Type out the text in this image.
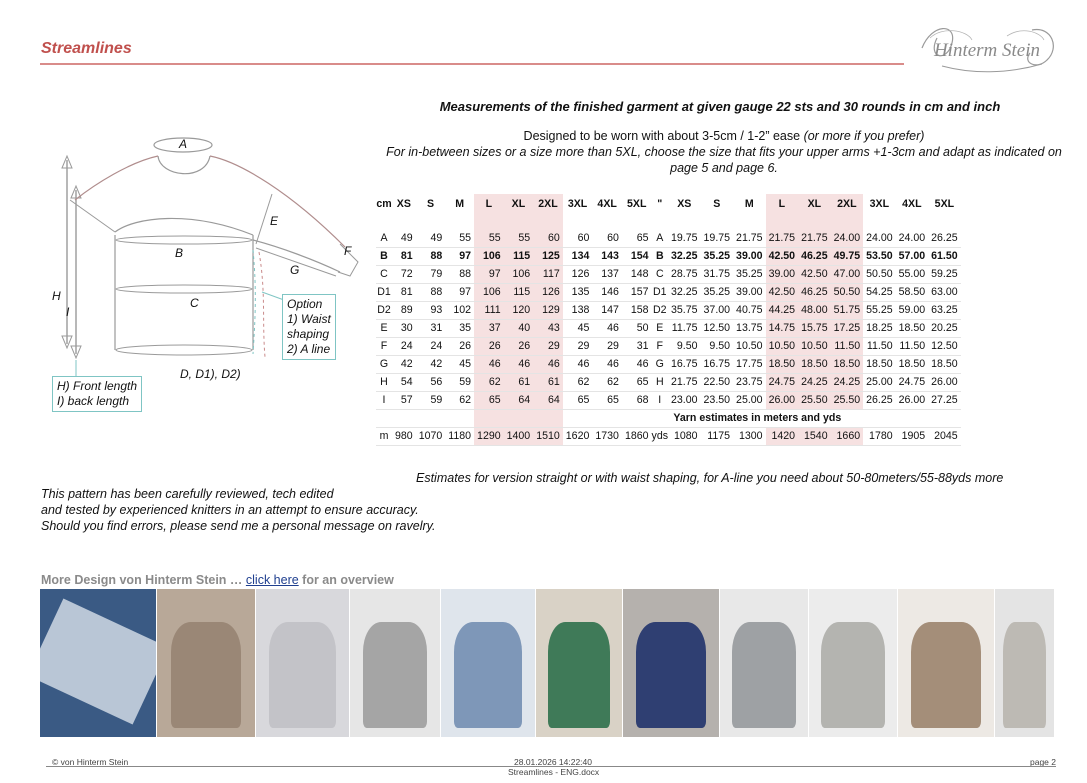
Streamlines	Hinterm Stein
Measurements of the finished garment at given gauge 22 sts and 30 rounds in cm and inch
Designed to be worn with about 3-5cm / 1-2” ease (or more if you prefer)
For in-between sizes or a size more than 5XL, choose the size that fits your upper arms +1-3cm and adapt as indicated on
page 5 and page 6.
A
B
C
E
F
G
H
I
D, D1), D2)
Option
1) Waist
shaping
2) A line
H) Front length
I) back length
cm	XS	S	M	L	XL	2XL	3XL	4XL	5XL	"	XS	S	M	L	XL	2XL	3XL	4XL	5XL

A	49	49	55	55	55	60	60	60	65	A	19.75	19.75	21.75	21.75	21.75	24.00	24.00	24.00	26.25
B	81	88	97	106	115	125	134	143	154	B	32.25	35.25	39.00	42.50	46.25	49.75	53.50	57.00	61.50
C	72	79	88	97	106	117	126	137	148	C	28.75	31.75	35.25	39.00	42.50	47.00	50.50	55.00	59.25
D1	81	88	97	106	115	126	135	146	157	D1	32.25	35.25	39.00	42.50	46.25	50.50	54.25	58.50	63.00
D2	89	93	102	111	120	129	138	147	158	D2	35.75	37.00	40.75	44.25	48.00	51.75	55.25	59.00	63.25
E	30	31	35	37	40	43	45	46	50	E	11.75	12.50	13.75	14.75	15.75	17.25	18.25	18.50	20.25
F	24	24	26	26	26	29	29	29	31	F	9.50	9.50	10.50	10.50	10.50	11.50	11.50	11.50	12.50
G	42	42	45	46	46	46	46	46	46	G	16.75	16.75	17.75	18.50	18.50	18.50	18.50	18.50	18.50
H	54	56	59	62	61	61	62	62	65	H	21.75	22.50	23.75	24.75	24.25	24.25	25.00	24.75	26.00
I	57	59	62	65	64	64	65	65	68	I	23.00	23.50	25.00	26.00	25.50	25.50	26.25	26.00	27.25
										Yarn estimates in meters and yds									
m	980	1070	1180	1290	1400	1510	1620	1730	1860	yds	1080	1175	1300	1420	1540	1660	1780	1905	2045
Estimates for version straight or with waist shaping, for A-line you need about 50-80meters/55-88yds more
This pattern has been carefully reviewed, tech edited
and tested by experienced knitters in an attempt to ensure accuracy.
Should you find errors, please send me a personal message on ravelry.
More Design von Hinterm Stein … click here for an overview
© von Hinterm Stein	28.01.2026 14:22:40	page 2
Streamlines - ENG.docx
